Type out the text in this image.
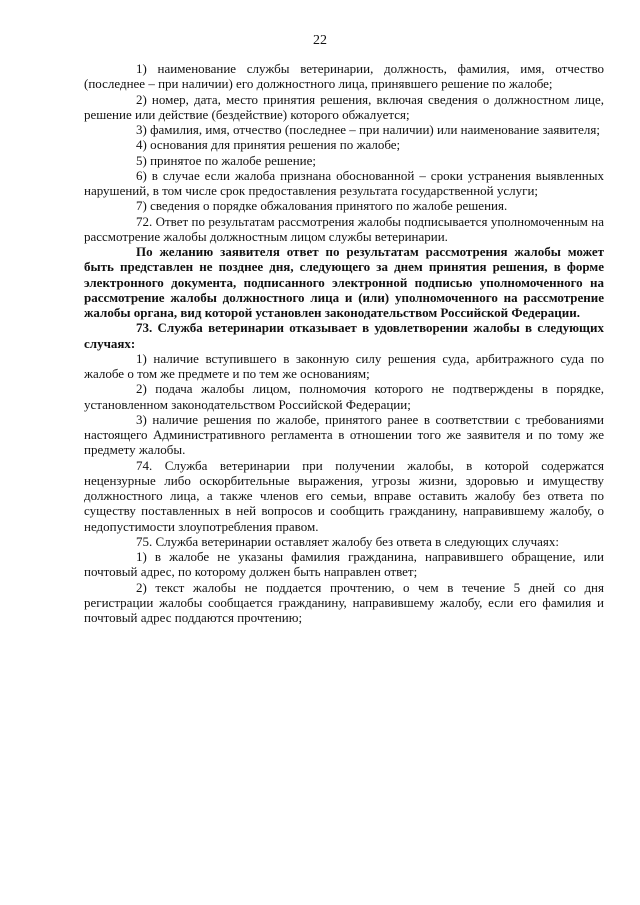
22

1) наименование службы ветеринарии, должность, фамилия, имя, отчество (последнее – при наличии) его должностного лица, принявшего решение по жалобе;

2) номер, дата, место принятия решения, включая сведения о должностном лице, решение или действие (бездействие) которого обжалуется;

3) фамилия, имя, отчество (последнее – при наличии) или наименование заявителя;

4) основания для принятия решения по жалобе;

5) принятое по жалобе решение;

6) в случае если жалоба признана обоснованной – сроки устранения выявленных нарушений, в том числе срок предоставления результата государственной услуги;

7) сведения о порядке обжалования принятого по жалобе решения.

72. Ответ по результатам рассмотрения жалобы подписывается уполномоченным на рассмотрение жалобы должностным лицом службы ветеринарии.

По желанию заявителя ответ по результатам рассмотрения жалобы может быть представлен не позднее дня, следующего за днем принятия решения, в форме электронного документа, подписанного электронной подписью уполномоченного на рассмотрение жалобы должностного лица и (или) уполномоченного на рассмотрение жалобы органа, вид которой установлен законодательством Российской Федерации.

73. Служба ветеринарии отказывает в удовлетворении жалобы в следующих случаях:

1) наличие вступившего в законную силу решения суда, арбитражного суда по жалобе о том же предмете и по тем же основаниям;

2) подача жалобы лицом, полномочия которого не подтверждены в порядке, установленном законодательством Российской Федерации;

3) наличие решения по жалобе, принятого ранее в соответствии с требованиями настоящего Административного регламента в отношении того же заявителя и по тому же предмету жалобы.

74. Служба ветеринарии при получении жалобы, в которой содержатся нецензурные либо оскорбительные выражения, угрозы жизни, здоровью и имуществу должностного лица, а также членов его семьи, вправе оставить жалобу без ответа по существу поставленных в ней вопросов и сообщить гражданину, направившему жалобу, о недопустимости злоупотребления правом.

75. Служба ветеринарии оставляет жалобу без ответа в следующих случаях:

1) в жалобе не указаны фамилия гражданина, направившего обращение, или почтовый адрес, по которому должен быть направлен ответ;

2) текст жалобы не поддается прочтению, о чем в течение 5 дней со дня регистрации жалобы сообщается гражданину, направившему жалобу, если его фамилия и почтовый адрес поддаются прочтению;
